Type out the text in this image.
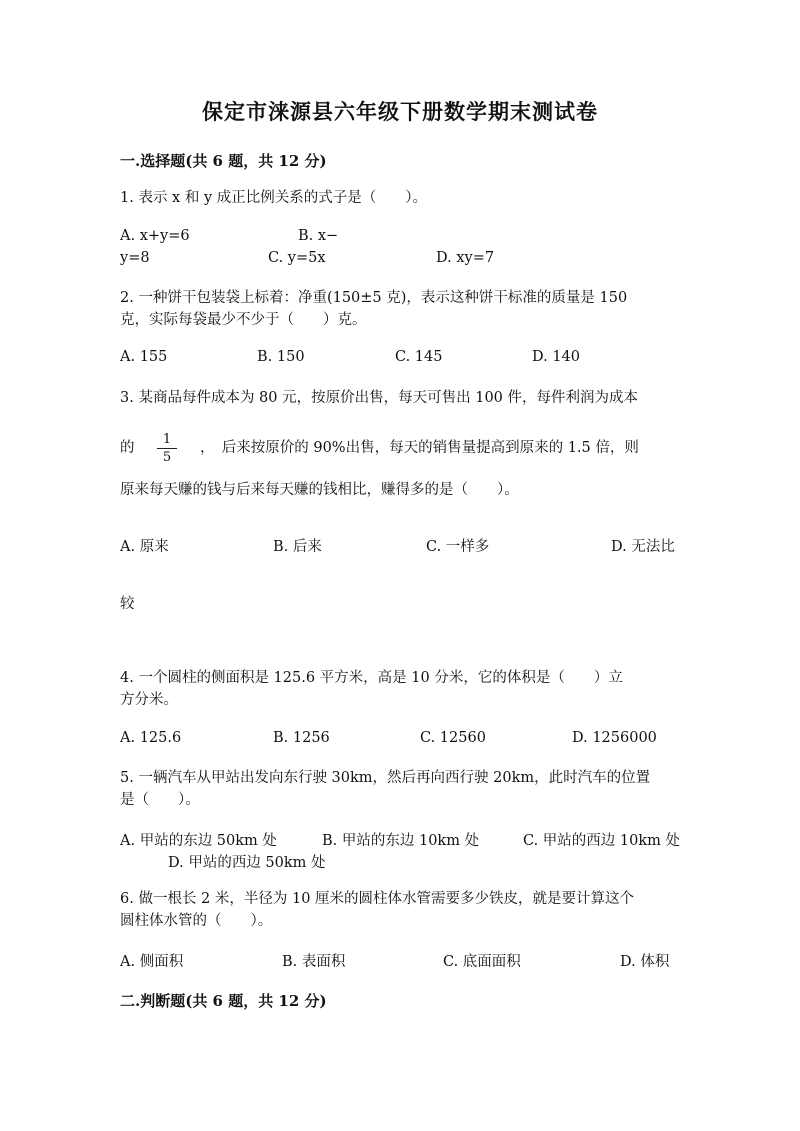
保定市涞源县六年级下册数学期末测试卷
一.选择题(共 6 题，共 12 分)
1. 表示 x 和 y 成正比例关系的式子是（　　）。
A. x+y=6	B. x−
y=8	C. y=5x	D. xy=7
2. 一种饼干包装袋上标着：净重(150±5 克)，表示这种饼干标准的质量是 150
克，实际每袋最少不少于（　　）克。
A. 155	B. 150	C. 145	D. 140
3. 某商品每件成本为 80 元，按原价出售，每天可售出 100 件，每件利润为成本
的 $\frac{1}{5}$ ，　后来按原价的 90%出售，每天的销售量提高到原来的 1.5 倍，则
原来每天赚的钱与后来每天赚的钱相比，赚得多的是（　　）。
A. 原来	B. 后来	C. 一样多	D. 无法比
较
4. 一个圆柱的侧面积是 125.6 平方米，高是 10 分米，它的体积是（　　）立
方分米。
A. 125.6	B. 1256	C. 12560	D. 1256000
5. 一辆汽车从甲站出发向东行驶 30km，然后再向西行驶 20km，此时汽车的位置
是（　　）。
A. 甲站的东边 50km 处	B. 甲站的东边 10km 处	C. 甲站的西边 10km 处
D. 甲站的西边 50km 处
6. 做一根长 2 米，半径为 10 厘米的圆柱体水管需要多少铁皮，就是要计算这个
圆柱体水管的（　　）。
A. 侧面积	B. 表面积	C. 底面面积	D. 体积
二.判断题(共 6 题，共 12 分)
